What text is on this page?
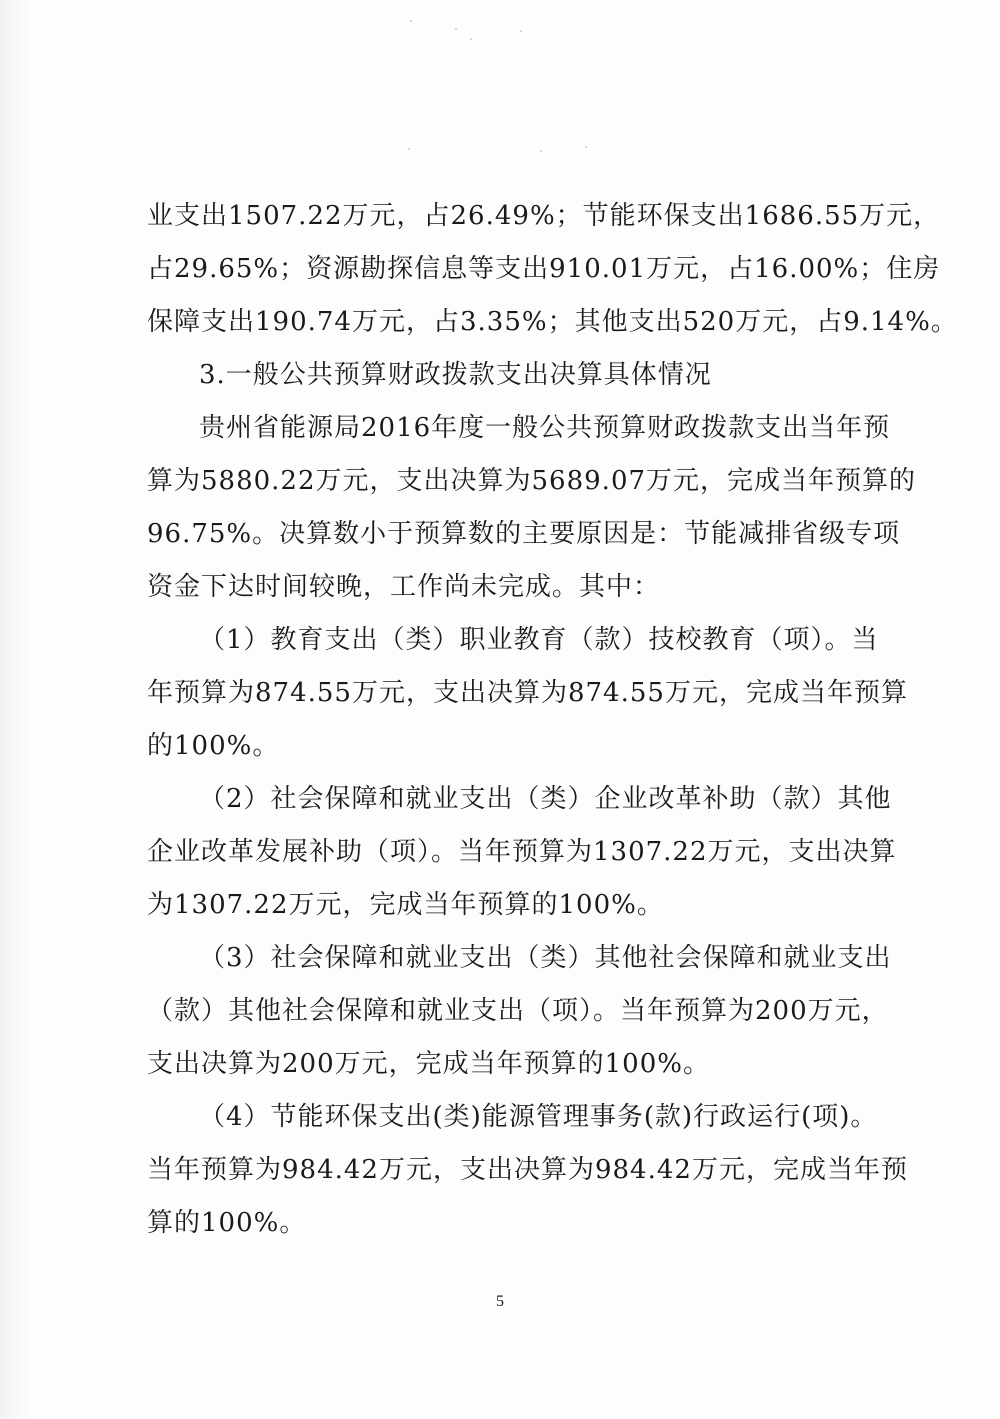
业支出1507.22万元，占26.49%；节能环保支出1686.55万元，
占29.65%；资源勘探信息等支出910.01万元，占16.00%；住房
保障支出190.74万元，占3.35%；其他支出520万元，占9.14%。
3.一般公共预算财政拨款支出决算具体情况
贵州省能源局2016年度一般公共预算财政拨款支出当年预
算为5880.22万元，支出决算为5689.07万元，完成当年预算的
96.75%。决算数小于预算数的主要原因是：节能减排省级专项
资金下达时间较晚，工作尚未完成。其中：
（1）教育支出（类）职业教育（款）技校教育（项）。当
年预算为874.55万元，支出决算为874.55万元，完成当年预算
的100%。
（2）社会保障和就业支出（类）企业改革补助（款）其他
企业改革发展补助（项）。当年预算为1307.22万元，支出决算
为1307.22万元，完成当年预算的100%。
（3）社会保障和就业支出（类）其他社会保障和就业支出
（款）其他社会保障和就业支出（项）。当年预算为200万元，
支出决算为200万元，完成当年预算的100%。
（4）节能环保支出(类)能源管理事务(款)行政运行(项)。
当年预算为984.42万元，支出决算为984.42万元，完成当年预
算的100%。
5
